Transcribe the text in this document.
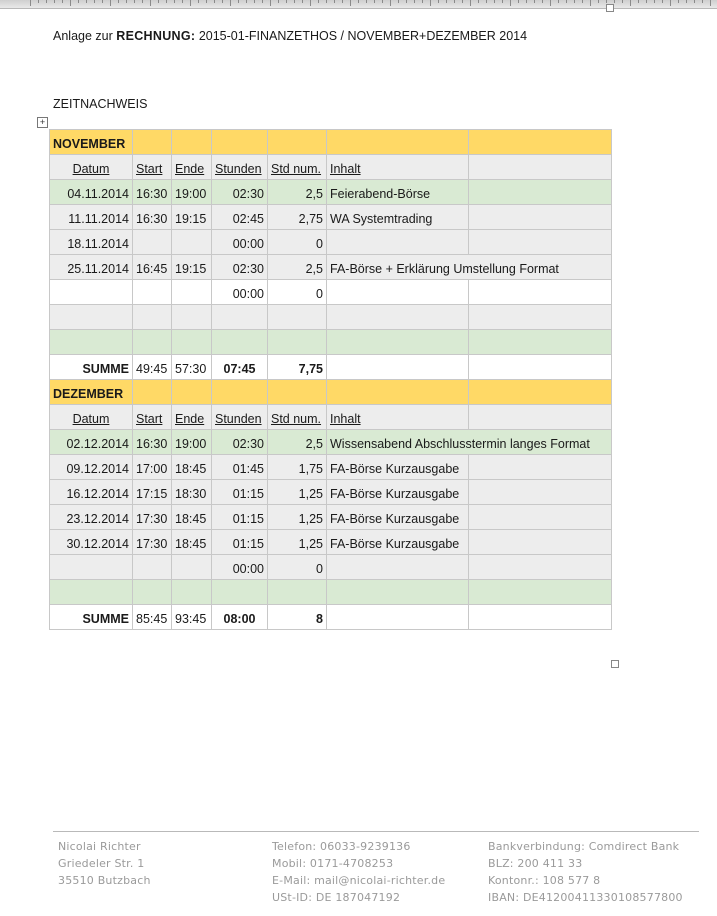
Anlage zur RECHNUNG: 2015-01-FINANZETHOS / NOVEMBER+DEZEMBER 2014
ZEITNACHWEIS
+
NOVEMBER						
Datum	Start	Ende	Stunden	Std num.	Inhalt	
04.11.2014	16:30	19:00	02:30	2,5	Feierabend-Börse	
11.11.2014	16:30	19:15	02:45	2,75	WA Systemtrading	
18.11.2014			00:00	0		
25.11.2014	16:45	19:15	02:30	2,5	FA-Börse + Erklärung Umstellung Format	
			00:00	0		

SUMME	49:45	57:30	07:45	7,75		
DEZEMBER						
Datum	Start	Ende	Stunden	Std num.	Inhalt	
02.12.2014	16:30	19:00	02:30	2,5	Wissensabend Abschlusstermin langes Format	
09.12.2014	17:00	18:45	01:45	1,75	FA-Börse Kurzausgabe	
16.12.2014	17:15	18:30	01:15	1,25	FA-Börse Kurzausgabe	
23.12.2014	17:30	18:45	01:15	1,25	FA-Börse Kurzausgabe	
30.12.2014	17:30	18:45	01:15	1,25	FA-Börse Kurzausgabe	
			00:00	0		

SUMME	85:45	93:45	08:00	8		
Nicolai Richter
Griedeler Str. 1
35510 Butzbach
Telefon: 06033-9239136
Mobil: 0171-4708253
E-Mail: mail@nicolai-richter.de
USt-ID: DE 187047192
Bankverbindung: Comdirect Bank
BLZ: 200 411 33
Kontonr.: 108 577 8
IBAN: DE41200411330108577800
